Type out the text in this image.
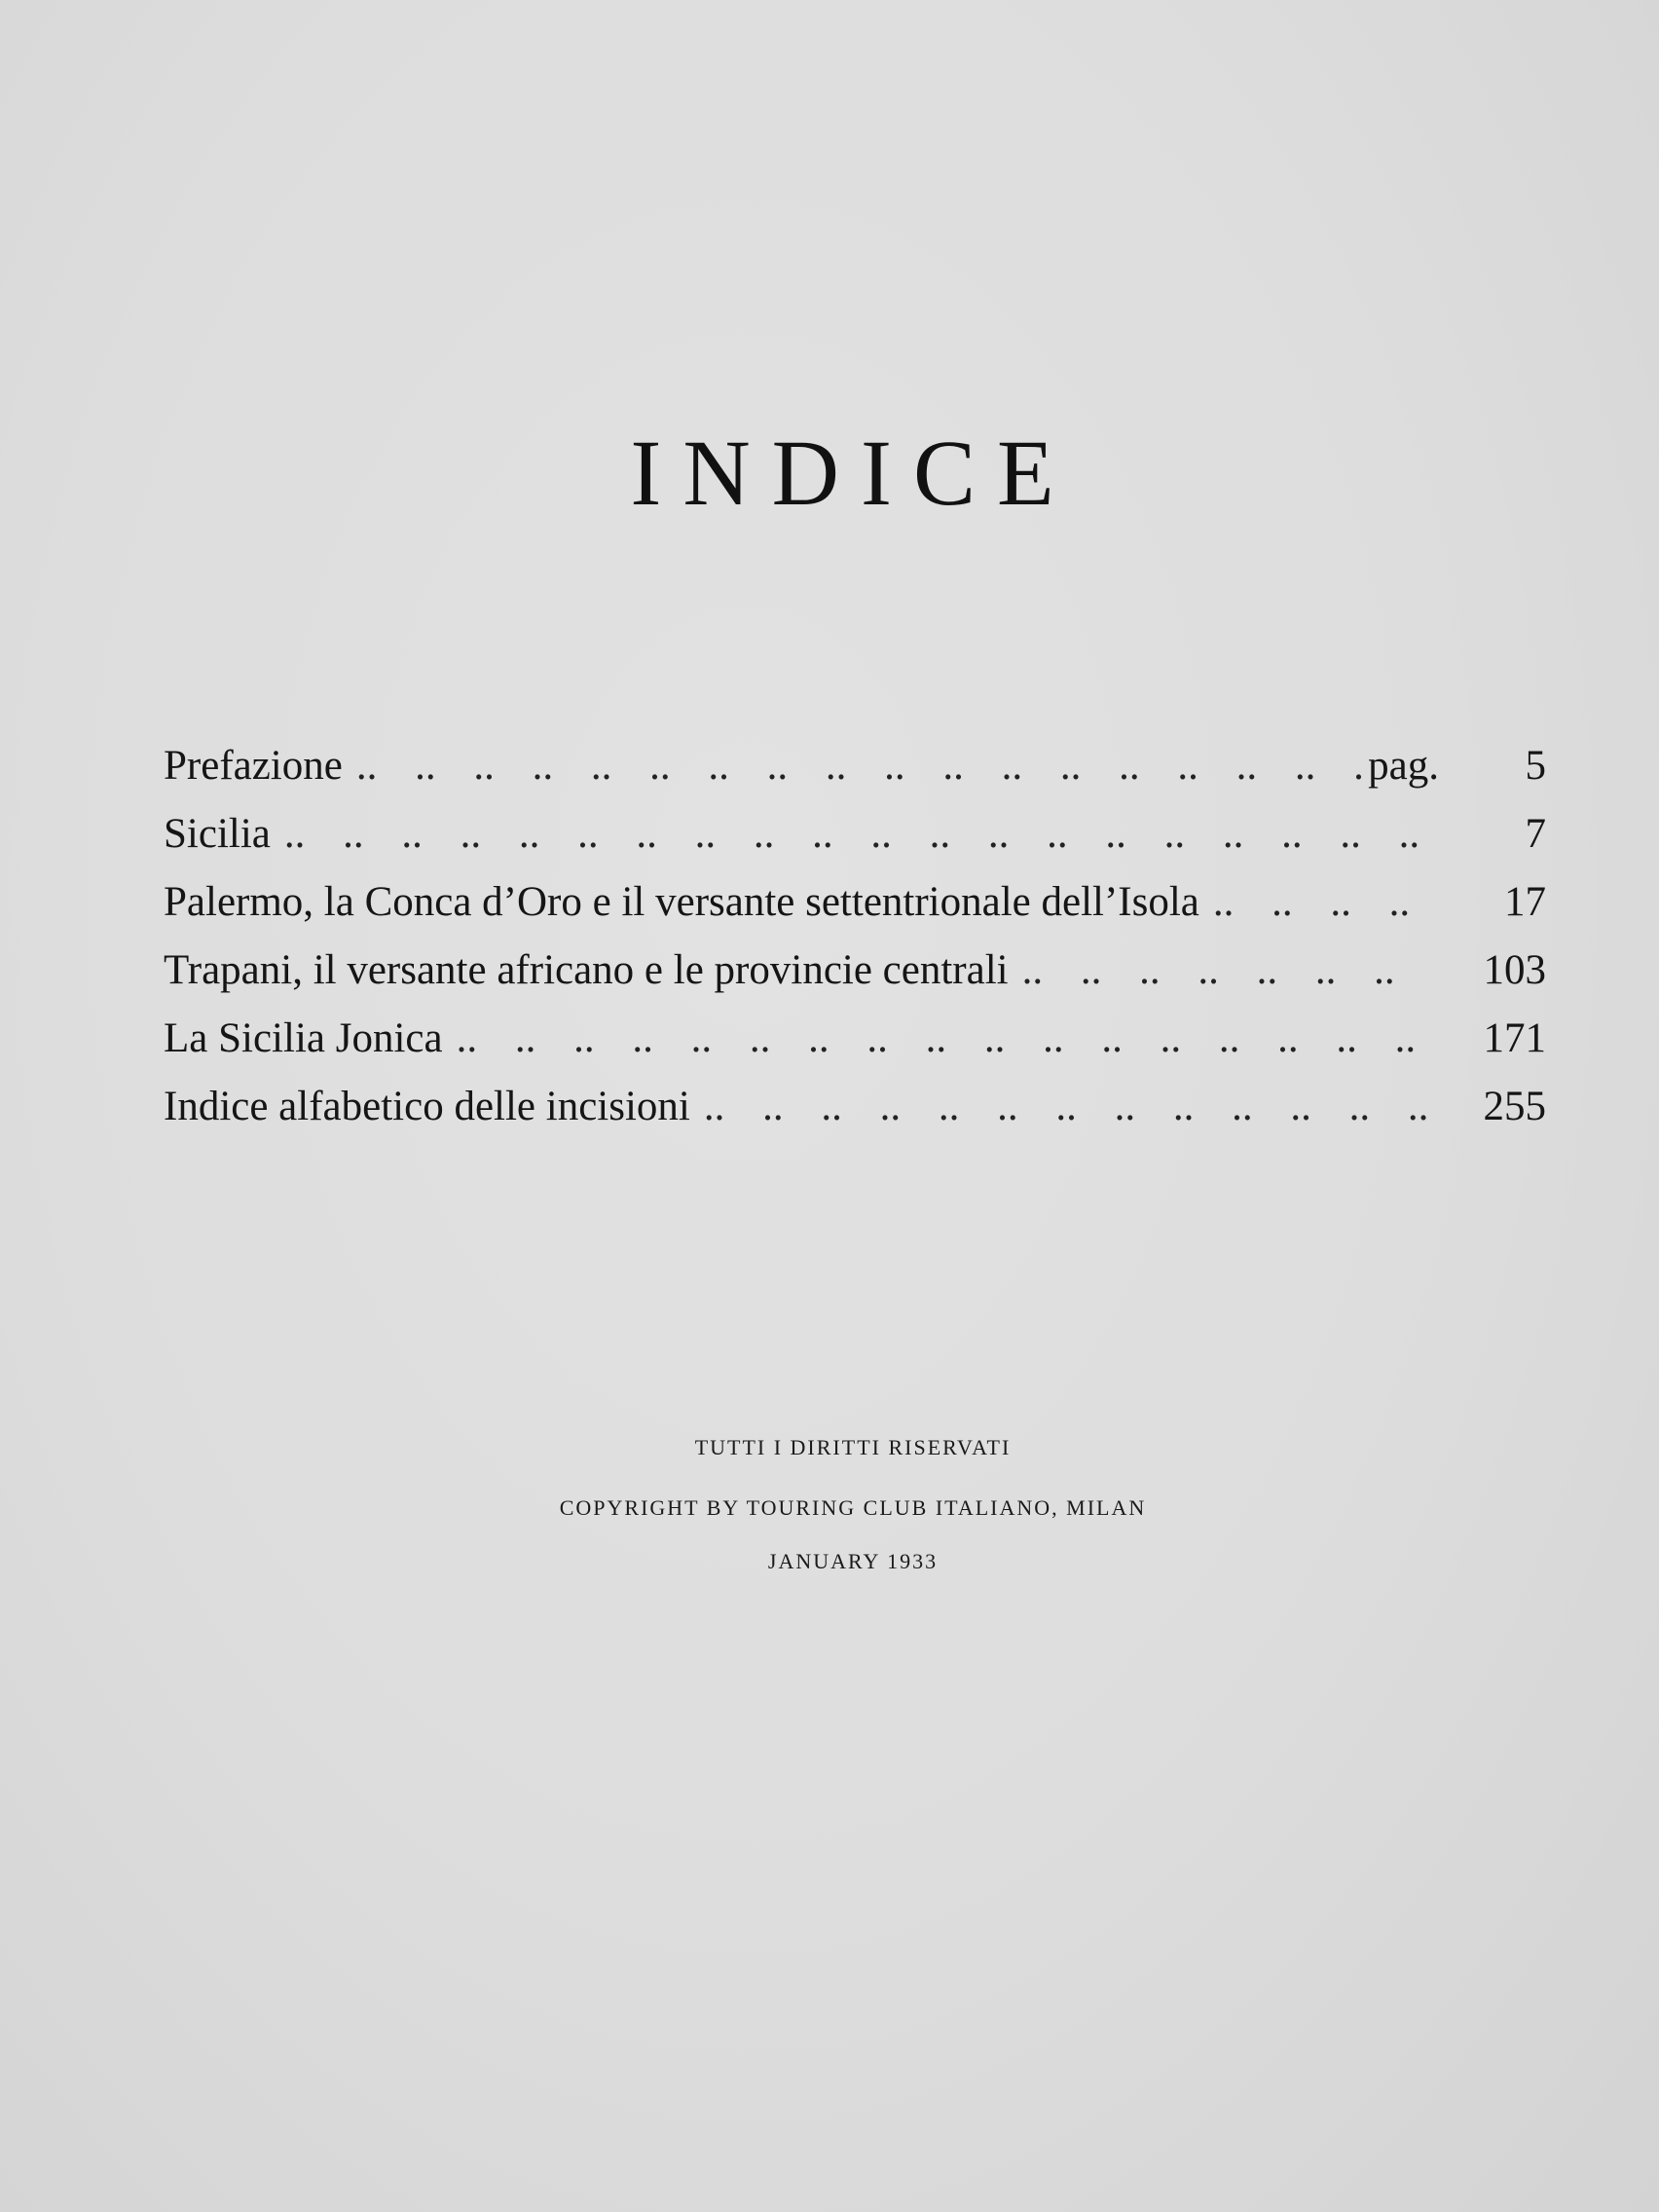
INDICE
Prefazione .. ..	pag.	5
Sicilia .. ..	7
Palermo, la Conca d’Oro e il versante settentrionale dell’Isola .. ..	17
Trapani, il versante africano e le provincie centrali .. ..	103
La Sicilia Jonica .. ..	171
Indice alfabetico delle incisioni .. ..	255
TUTTI I DIRITTI RISERVATI
COPYRIGHT BY TOURING CLUB ITALIANO, MILAN
JANUARY 1933
